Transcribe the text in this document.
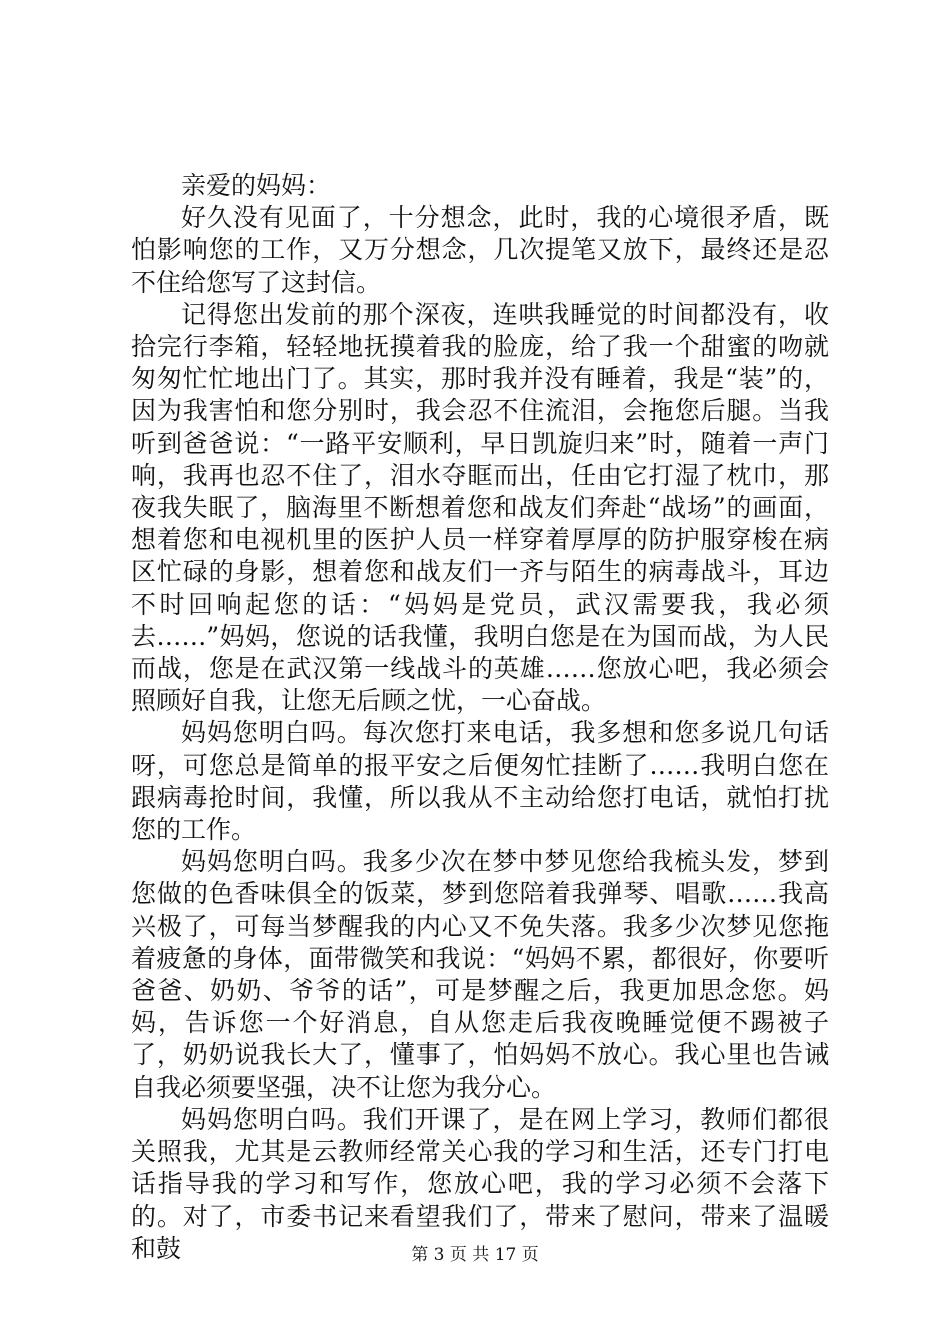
亲爱的妈妈：

好久没有见面了，十分想念，此时，我的心境很矛盾，既怕影响您的工作，又万分想念，几次提笔又放下，最终还是忍不住给您写了这封信。

记得您出发前的那个深夜，连哄我睡觉的时间都没有，收拾完行李箱，轻轻地抚摸着我的脸庞，给了我一个甜蜜的吻就匆匆忙忙地出门了。其实，那时我并没有睡着，我是“装”的，因为我害怕和您分别时，我会忍不住流泪，会拖您后腿。当我听到爸爸说：“一路平安顺利，早日凯旋归来”时，随着一声门响，我再也忍不住了，泪水夺眶而出，任由它打湿了枕巾，那夜我失眠了，脑海里不断想着您和战友们奔赴“战场”的画面，想着您和电视机里的医护人员一样穿着厚厚的防护服穿梭在病区忙碌的身影，想着您和战友们一齐与陌生的病毒战斗，耳边不时回响起您的话：“妈妈是党员，武汉需要我，我必须去……”妈妈，您说的话我懂，我明白您是在为国而战，为人民而战，您是在武汉第一线战斗的英雄……您放心吧，我必须会照顾好自我，让您无后顾之忧，一心奋战。

妈妈您明白吗。每次您打来电话，我多想和您多说几句话呀，可您总是简单的报平安之后便匆忙挂断了……我明白您在跟病毒抢时间，我懂，所以我从不主动给您打电话，就怕打扰您的工作。

妈妈您明白吗。我多少次在梦中梦见您给我梳头发，梦到您做的色香味俱全的饭菜，梦到您陪着我弹琴、唱歌……我高兴极了，可每当梦醒我的内心又不免失落。我多少次梦见您拖着疲惫的身体，面带微笑和我说：“妈妈不累，都很好，你要听爸爸、奶奶、爷爷的话”，可是梦醒之后，我更加思念您。妈妈，告诉您一个好消息，自从您走后我夜晚睡觉便不踢被子了，奶奶说我长大了，懂事了，怕妈妈不放心。我心里也告诫自我必须要坚强，决不让您为我分心。

妈妈您明白吗。我们开课了，是在网上学习，教师们都很关照我，尤其是云教师经常关心我的学习和生活，还专门打电话指导我的学习和写作，您放心吧，我的学习必须不会落下的。对了，市委书记来看望我们了，带来了慰问，带来了温暖和鼓	第 3 页 共 17 页
